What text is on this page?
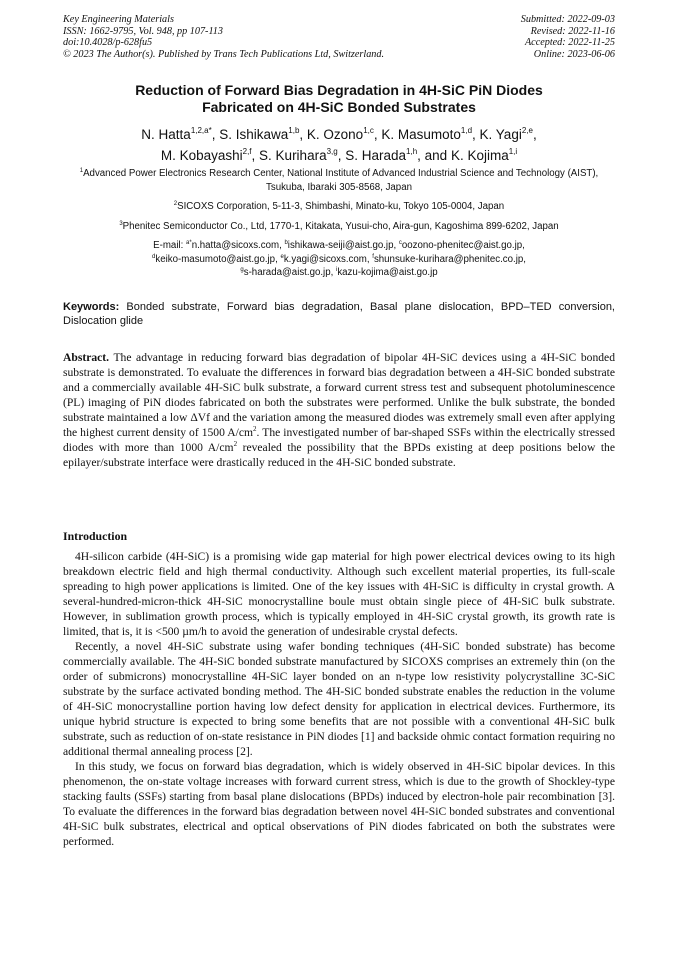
Key Engineering Materials
ISSN: 1662-9795, Vol. 948, pp 107-113
doi:10.4028/p-628fu5
© 2023 The Author(s). Published by Trans Tech Publications Ltd, Switzerland.
Submitted: 2022-09-03
Revised: 2022-11-16
Accepted: 2022-11-25
Online: 2023-06-06
Reduction of Forward Bias Degradation in 4H-SiC PiN Diodes
Fabricated on 4H-SiC Bonded Substrates
N. Hatta$^{1,2,a*}$, S. Ishikawa$^{1,b}$, K. Ozono$^{1,c}$, K. Masumoto$^{1,d}$, K. Yagi$^{2,e}$,
M. Kobayashi$^{2,f}$, S. Kurihara$^{3,g}$, S. Harada$^{1,h}$, and K. Kojima$^{1,i}$

$^1$Advanced Power Electronics Research Center, National Institute of Advanced Industrial Science and Technology (AIST), Tsukuba, Ibaraki 305-8568, Japan

$^2$SICOXS Corporation, 5-11-3, Shimbashi, Minato-ku, Tokyo 105-0004, Japan

$^3$Phenitec Semiconductor Co., Ltd, 1770-1, Kitakata, Yusui-cho, Aira-gun, Kagoshima 899-6202, Japan

E-mail: $^{a*}$n.hatta@sicoxs.com, $^b$ishikawa-seiji@aist.go.jp, $^c$oozono-phenitec@aist.go.jp,
$^d$keiko-masumoto@aist.go.jp, $^e$k.yagi@sicoxs.com, $^f$shunsuke-kurihara@phenitec.co.jp,
$^g$s-harada@aist.go.jp, $^i$kazu-kojima@aist.go.jp
Keywords: Bonded substrate, Forward bias degradation, Basal plane dislocation, BPD–TED conversion, Dislocation glide
Abstract. The advantage in reducing forward bias degradation of bipolar 4H-SiC devices using a 4H-SiC bonded substrate is demonstrated. To evaluate the differences in forward bias degradation between a 4H-SiC bonded substrate and a commercially available 4H-SiC bulk substrate, a forward current stress test and subsequent photoluminescence (PL) imaging of PiN diodes fabricated on both the substrates were performed. Unlike the bulk substrate, the bonded substrate maintained a low ΔVf and the variation among the measured diodes was extremely small even after applying the highest current density of 1500 $A/cm^2$. The investigated number of bar-shaped SSFs within the electrically stressed diodes with more than 1000 $A/cm^2$ revealed the possibility that the BPDs existing at deep positions below the epilayer/substrate interface were drastically reduced in the 4H-SiC bonded substrate.
Introduction

4H-silicon carbide (4H-SiC) is a promising wide gap material for high power electrical devices owing to its high breakdown electric field and high thermal conductivity. Although such excellent material properties, its full-scale spreading to high power applications is limited. One of the key issues with 4H-SiC is difficulty in crystal growth. A several-hundred-micron-thick 4H-SiC monocrystalline boule must obtain single piece of 4H-SiC bulk substrate. However, in sublimation growth process, which is typically employed in 4H-SiC crystal growth, its growth rate is limited, that is, it is <500 µm/h to avoid the generation of undesirable crystal defects.

Recently, a novel 4H-SiC substrate using wafer bonding techniques (4H-SiC bonded substrate) has become commercially available. The 4H-SiC bonded substrate manufactured by SICOXS comprises an extremely thin (on the order of submicrons) monocrystalline 4H-SiC layer bonded on an n-type low resistivity polycrystalline 3C-SiC substrate by the surface activated bonding method. The 4H-SiC bonded substrate enables the reduction in the volume of 4H-SiC monocrystalline portion having low defect density for application in electrical devices. Furthermore, its unique hybrid structure is expected to bring some benefits that are not possible with a conventional 4H-SiC bulk substrate, such as reduction of on-state resistance in PiN diodes [1] and backside ohmic contact formation requiring no additional thermal annealing process [2].

In this study, we focus on forward bias degradation, which is widely observed in 4H-SiC bipolar devices. In this phenomenon, the on-state voltage increases with forward current stress, which is due to the growth of Shockley-type stacking faults (SSFs) starting from basal plane dislocations (BPDs) induced by electron-hole pair recombination [3]. To evaluate the differences in the forward bias degradation between novel 4H-SiC bonded substrates and conventional 4H-SiC bulk substrates, electrical and optical observations of PiN diodes fabricated on both the substrates were performed.
